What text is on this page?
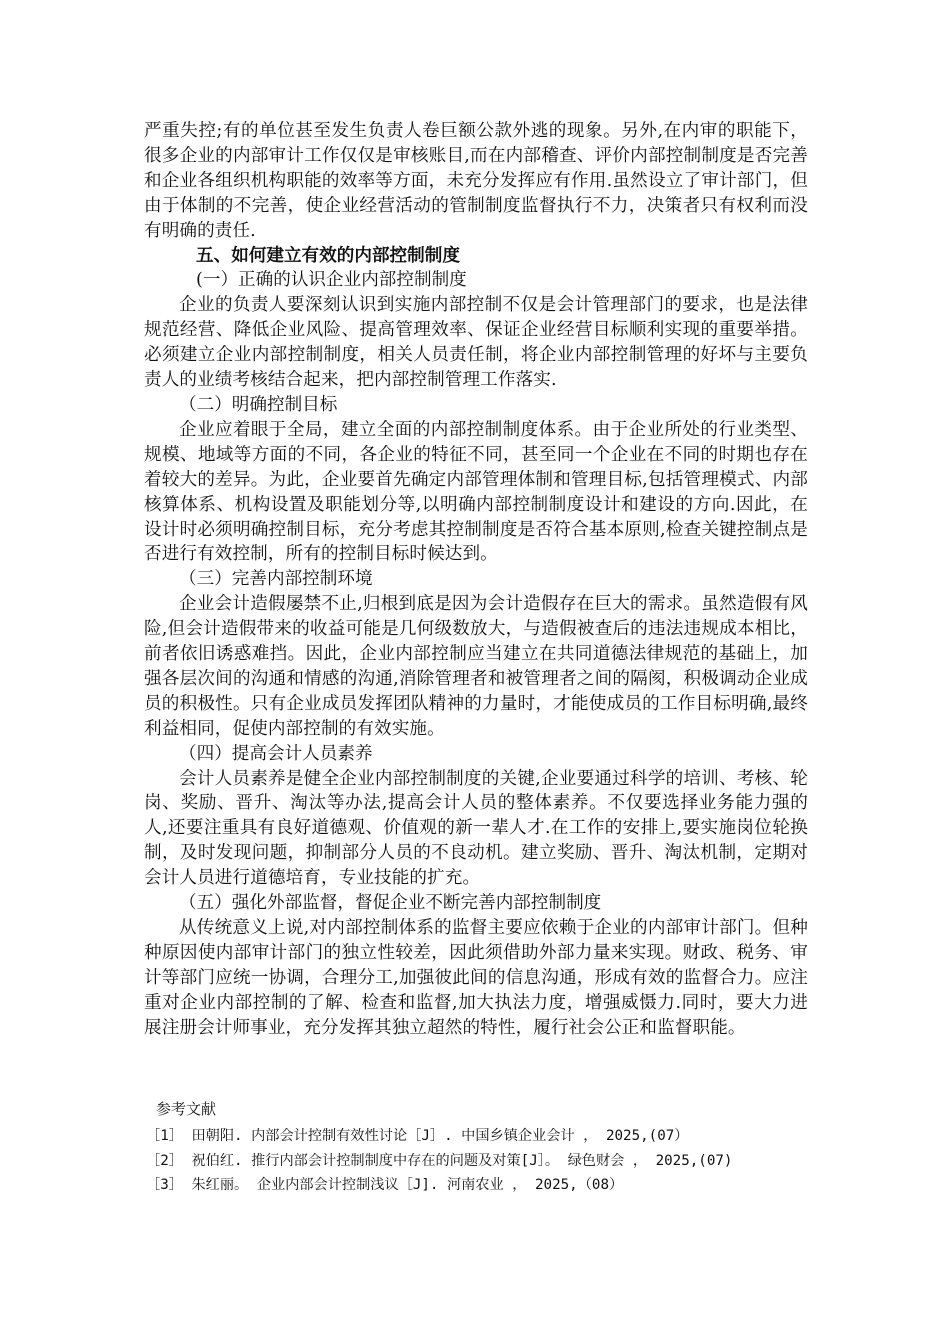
严重失控;有的单位甚至发生负责人卷巨额公款外逃的现象。另外,在内审的职能下，很多企业的内部审计工作仅仅是审核账目,而在内部稽查、评价内部控制制度是否完善和企业各组织机构职能的效率等方面，未充分发挥应有作用.虽然设立了审计部门，但由于体制的不完善，使企业经营活动的管制制度监督执行不力，决策者只有权利而没有明确的责任.

五、如何建立有效的内部控制制度

(一）正确的认识企业内部控制制度

企业的负责人要深刻认识到实施内部控制不仅是会计管理部门的要求，也是法律规范经营、降低企业风险、提高管理效率、保证企业经营目标顺利实现的重要举措。必须建立企业内部控制制度，相关人员责任制，将企业内部控制管理的好坏与主要负责人的业绩考核结合起来，把内部控制管理工作落实.

（二）明确控制目标

企业应着眼于全局，建立全面的内部控制制度体系。由于企业所处的行业类型、规模、地域等方面的不同，各企业的特征不同，甚至同一个企业在不同的时期也存在着较大的差异。为此，企业要首先确定内部管理体制和管理目标,包括管理模式、内部核算体系、机构设置及职能划分等,以明确内部控制制度设计和建设的方向.因此，在设计时必须明确控制目标，充分考虑其控制制度是否符合基本原则,检查关键控制点是否进行有效控制，所有的控制目标时候达到。

（三）完善内部控制环境

企业会计造假屡禁不止,归根到底是因为会计造假存在巨大的需求。虽然造假有风险,但会计造假带来的收益可能是几何级数放大，与造假被查后的违法违规成本相比，前者依旧诱惑难挡。因此，企业内部控制应当建立在共同道德法律规范的基础上，加强各层次间的沟通和情感的沟通,消除管理者和被管理者之间的隔阂，积极调动企业成员的积极性。只有企业成员发挥团队精神的力量时，才能使成员的工作目标明确,最终利益相同，促使内部控制的有效实施。

（四）提高会计人员素养

会计人员素养是健全企业内部控制制度的关键,企业要通过科学的培训、考核、轮岗、奖励、晋升、淘汰等办法,提高会计人员的整体素养。不仅要选择业务能力强的人,还要注重具有良好道德观、价值观的新一辈人才.在工作的安排上,要实施岗位轮换制，及时发现问题，抑制部分人员的不良动机。建立奖励、晋升、淘汰机制，定期对会计人员进行道德培育，专业技能的扩充。

（五）强化外部监督，督促企业不断完善内部控制制度

从传统意义上说,对内部控制体系的监督主要应依赖于企业的内部审计部门。但种种原因使内部审计部门的独立性较差，因此须借助外部力量来实现。财政、税务、审计等部门应统一协调，合理分工,加强彼此间的信息沟通，形成有效的监督合力。应注重对企业内部控制的了解、检查和监督,加大执法力度，增强威慑力.同时，要大力进展注册会计师事业，充分发挥其独立超然的特性，履行社会公正和监督职能。

参考文献

［1］ 田朝阳. 内部会计控制有效性讨论［J］. 中国乡镇企业会计 ， 2025,(07）

［2］ 祝伯红. 推行内部会计控制制度中存在的问题及对策[J］。 绿色财会 ， 2025,(07)

［3］ 朱红丽。 企业内部会计控制浅议［J]. 河南农业 ， 2025,（08）
